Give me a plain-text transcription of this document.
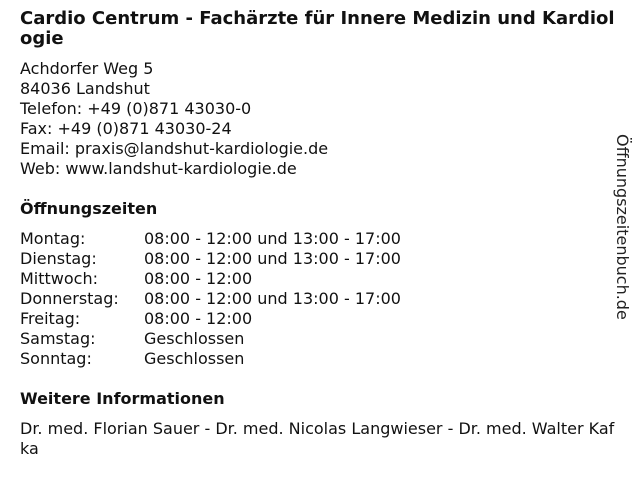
Cardio Centrum - Fachärzte für Innere Medizin und Kardiologie
Achdorfer Weg 5
84036 Landshut
Telefon: +49 (0)871 43030-0
Fax: +49 (0)871 43030-24
Email: praxis@landshut-kardiologie.de
Web: www.landshut-kardiologie.de
Öffnungszeiten
Montag:	08:00 - 12:00 und 13:00 - 17:00
Dienstag:	08:00 - 12:00 und 13:00 - 17:00
Mittwoch:	08:00 - 12:00
Donnerstag:	08:00 - 12:00 und 13:00 - 17:00
Freitag:	08:00 - 12:00
Samstag:	Geschlossen
Sonntag:	Geschlossen
Weitere Informationen
Dr. med. Florian Sauer - Dr. med. Nicolas Langwieser - Dr. med. Walter Kafka
Öffnungszeitenbuch.de
